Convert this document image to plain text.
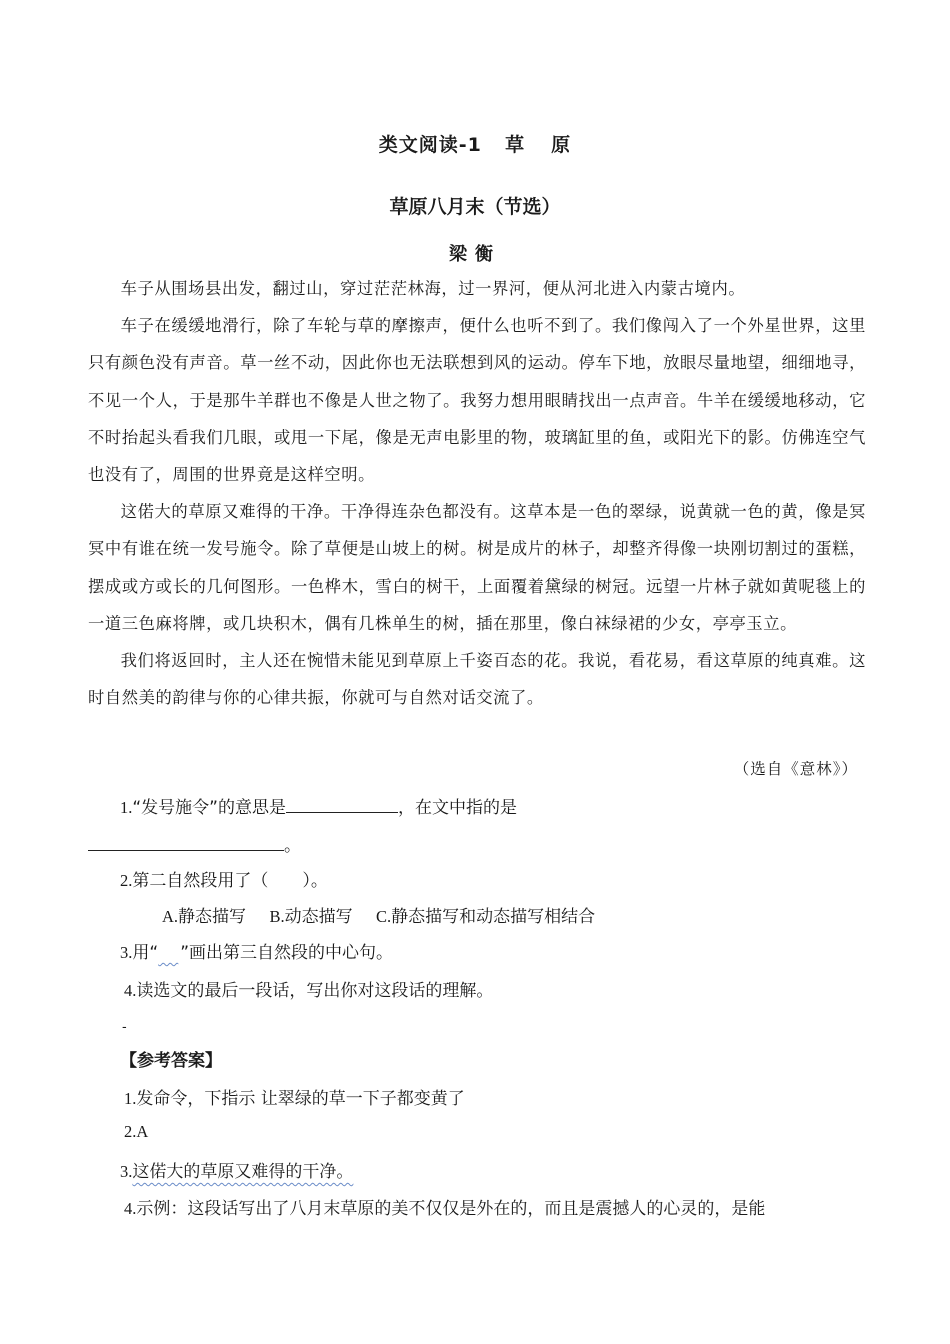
类文阅读-1 草 原
草原八月末（节选）
梁衡

车子从围场县出发，翻过山，穿过茫茫林海，过一界河，便从河北进入内蒙古境内。

车子在缓缓地滑行，除了车轮与草的摩擦声，便什么也听不到了。我们像闯入了一个外星世界，这里只有颜色没有声音。草一丝不动，因此你也无法联想到风的运动。停车下地，放眼尽量地望，细细地寻，不见一个人，于是那牛羊群也不像是人世之物了。我努力想用眼睛找出一点声音。牛羊在缓缓地移动，它不时抬起头看我们几眼，或甩一下尾，像是无声电影里的物，玻璃缸里的鱼，或阳光下的影。仿佛连空气也没有了，周围的世界竟是这样空明。

这偌大的草原又难得的干净。干净得连杂色都没有。这草本是一色的翠绿，说黄就一色的黄，像是冥冥中有谁在统一发号施令。除了草便是山坡上的树。树是成片的林子，却整齐得像一块刚切割过的蛋糕，摆成或方或长的几何图形。一色桦木，雪白的树干，上面覆着黛绿的树冠。远望一片林子就如黄呢毯上的一道三色麻将牌，或几块积木，偶有几株单生的树，插在那里，像白袜绿裙的少女，亭亭玉立。

我们将返回时，主人还在惋惜未能见到草原上千姿百态的花。我说，看花易，看这草原的纯真难。这时自然美的韵律与你的心律共振，你就可与自然对话交流了。

（选自《意林》）
1.“发号施令”的意思是	，在文中指的是
。
2.第二自然段用了（　　）。
A.静态描写 B.动态描写 C.静态描写和动态描写相结合
3.用“ ”画出第三自然段的中心句。
4.读选文的最后一段话，写出你对这段话的理解。
-
【参考答案】
1.发命令，下指示 让翠绿的草一下子都变黄了
2.A
3.这偌大的草原又难得的干净。
4.示例：这段话写出了八月末草原的美不仅仅是外在的，而且是震撼人的心灵的，是能
